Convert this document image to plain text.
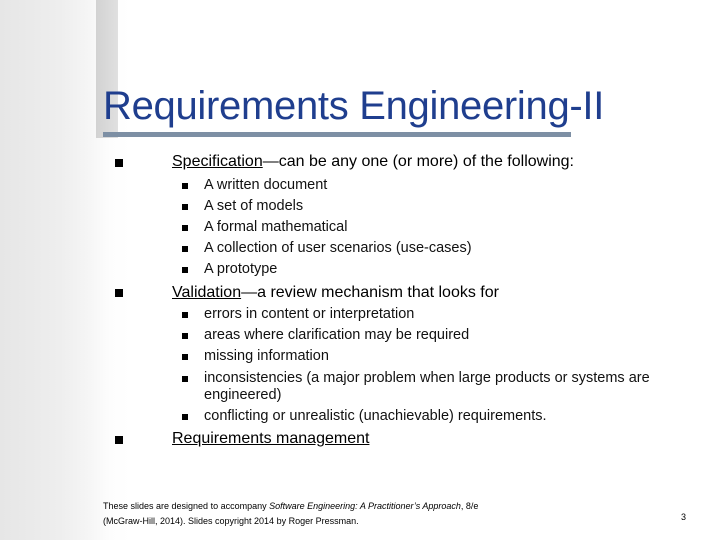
Requirements Engineering-II
Specification—can be any one (or more) of the following:
A written document
A set of models
A formal mathematical
A collection of user scenarios (use-cases)
A prototype
Validation—a review mechanism that looks for
errors in content or interpretation
areas where clarification may be required
missing information
inconsistencies (a major problem when large products or systems are
engineered)
conflicting or unrealistic (unachievable) requirements.
Requirements management
These slides are designed to accompany Software Engineering: A Practitioner’s Approach, 8/e
(McGraw-Hill, 2014). Slides copyright 2014 by Roger Pressman.	3
